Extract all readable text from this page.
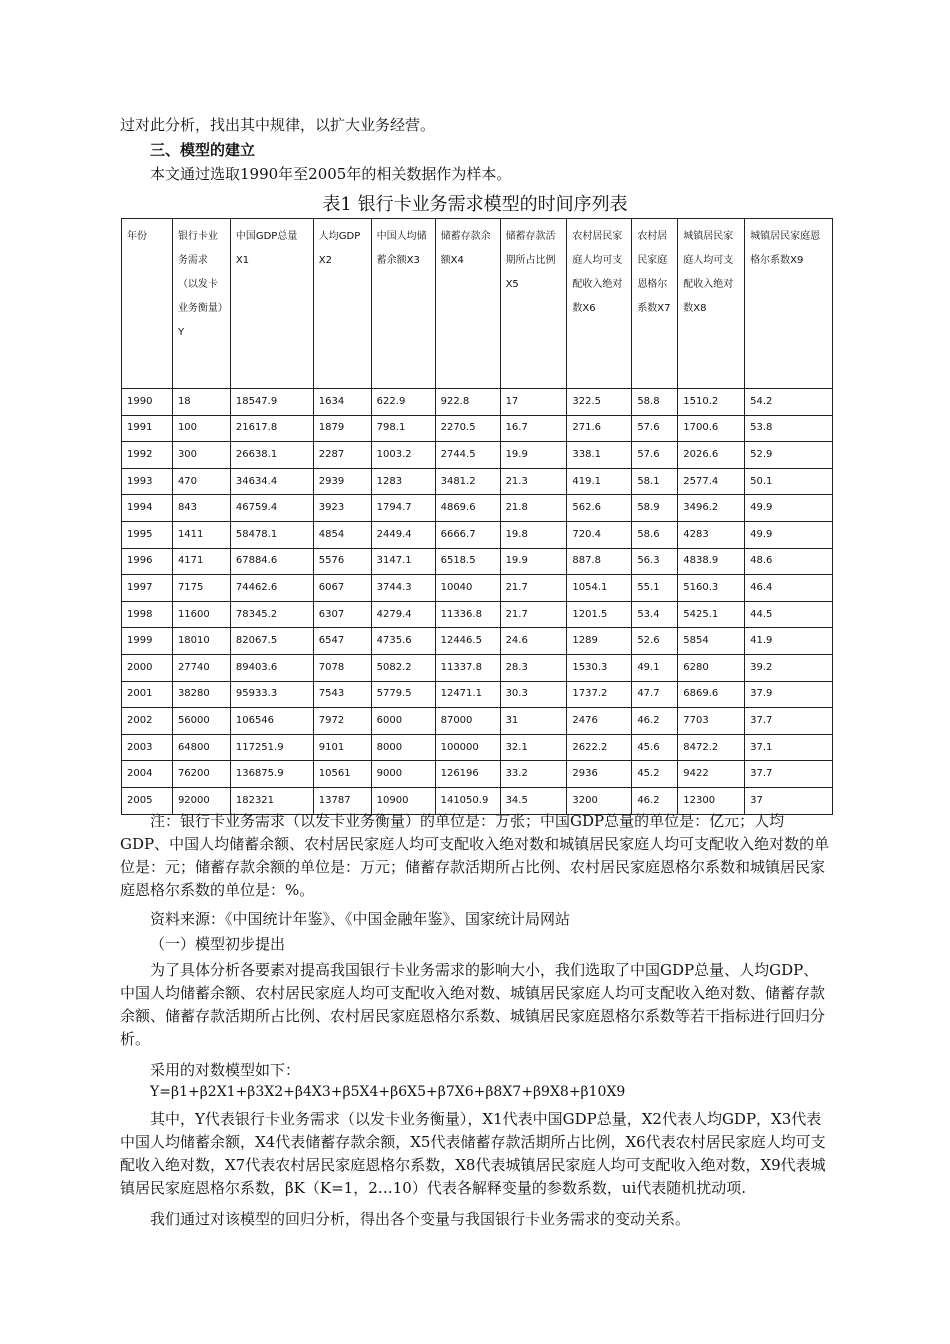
过对此分析，找出其中规律，以扩大业务经营。
三、模型的建立
本文通过选取1990年至2005年的相关数据作为样本。
表1 银行卡业务需求模型的时间序列表
年份	银行卡业务需求（以发卡业务衡量）Y	中国GDP总量X1	人均GDP X2	中国人均储蓄余额X3	储蓄存款余额X4	储蓄存款活期所占比例X5	农村居民家庭人均可支配收入绝对数X6	农村居民家庭恩格尔系数X7	城镇居民家庭人均可支配收入绝对数X8	城镇居民家庭恩格尔系数X9
1990	18	18547.9	1634	622.9	922.8	17	322.5	58.8	1510.2	54.2
1991	100	21617.8	1879	798.1	2270.5	16.7	271.6	57.6	1700.6	53.8
1992	300	26638.1	2287	1003.2	2744.5	19.9	338.1	57.6	2026.6	52.9
1993	470	34634.4	2939	1283	3481.2	21.3	419.1	58.1	2577.4	50.1
1994	843	46759.4	3923	1794.7	4869.6	21.8	562.6	58.9	3496.2	49.9
1995	1411	58478.1	4854	2449.4	6666.7	19.8	720.4	58.6	4283	49.9
1996	4171	67884.6	5576	3147.1	6518.5	19.9	887.8	56.3	4838.9	48.6
1997	7175	74462.6	6067	3744.3	10040	21.7	1054.1	55.1	5160.3	46.4
1998	11600	78345.2	6307	4279.4	11336.8	21.7	1201.5	53.4	5425.1	44.5
1999	18010	82067.5	6547	4735.6	12446.5	24.6	1289	52.6	5854	41.9
2000	27740	89403.6	7078	5082.2	11337.8	28.3	1530.3	49.1	6280	39.2
2001	38280	95933.3	7543	5779.5	12471.1	30.3	1737.2	47.7	6869.6	37.9
2002	56000	106546	7972	6000	87000	31	2476	46.2	7703	37.7
2003	64800	117251.9	9101	8000	100000	32.1	2622.2	45.6	8472.2	37.1
2004	76200	136875.9	10561	9000	126196	33.2	2936	45.2	9422	37.7
2005	92000	182321	13787	10900	141050.9	34.5	3200	46.2	12300	37
注：银行卡业务需求（以发卡业务衡量）的单位是：万张；中国GDP总量的单位是：亿元；人均GDP、中国人均储蓄余额、农村居民家庭人均可支配收入绝对数和城镇居民家庭人均可支配收入绝对数的单位是：元；储蓄存款余额的单位是：万元；储蓄存款活期所占比例、农村居民家庭恩格尔系数和城镇居民家庭恩格尔系数的单位是：%。
资料来源：《中国统计年鉴》、《中国金融年鉴》、国家统计局网站
（一）模型初步提出
为了具体分析各要素对提高我国银行卡业务需求的影响大小，我们选取了中国GDP总量、人均GDP、中国人均储蓄余额、农村居民家庭人均可支配收入绝对数、城镇居民家庭人均可支配收入绝对数、储蓄存款余额、储蓄存款活期所占比例、农村居民家庭恩格尔系数、城镇居民家庭恩格尔系数等若干指标进行回归分析。
采用的对数模型如下：
Y=β1+β2X1+β3X2+β4X3+β5X4+β6X5+β7X6+β8X7+β9X8+β10X9
其中，Y代表银行卡业务需求（以发卡业务衡量），X1代表中国GDP总量，X2代表人均GDP，X3代表中国人均储蓄余额，X4代表储蓄存款余额，X5代表储蓄存款活期所占比例，X6代表农村居民家庭人均可支配收入绝对数，X7代表农村居民家庭恩格尔系数，X8代表城镇居民家庭人均可支配收入绝对数，X9代表城镇居民家庭恩格尔系数，βK（K=1，2…10）代表各解释变量的参数系数，ui代表随机扰动项.
我们通过对该模型的回归分析，得出各个变量与我国银行卡业务需求的变动关系。
